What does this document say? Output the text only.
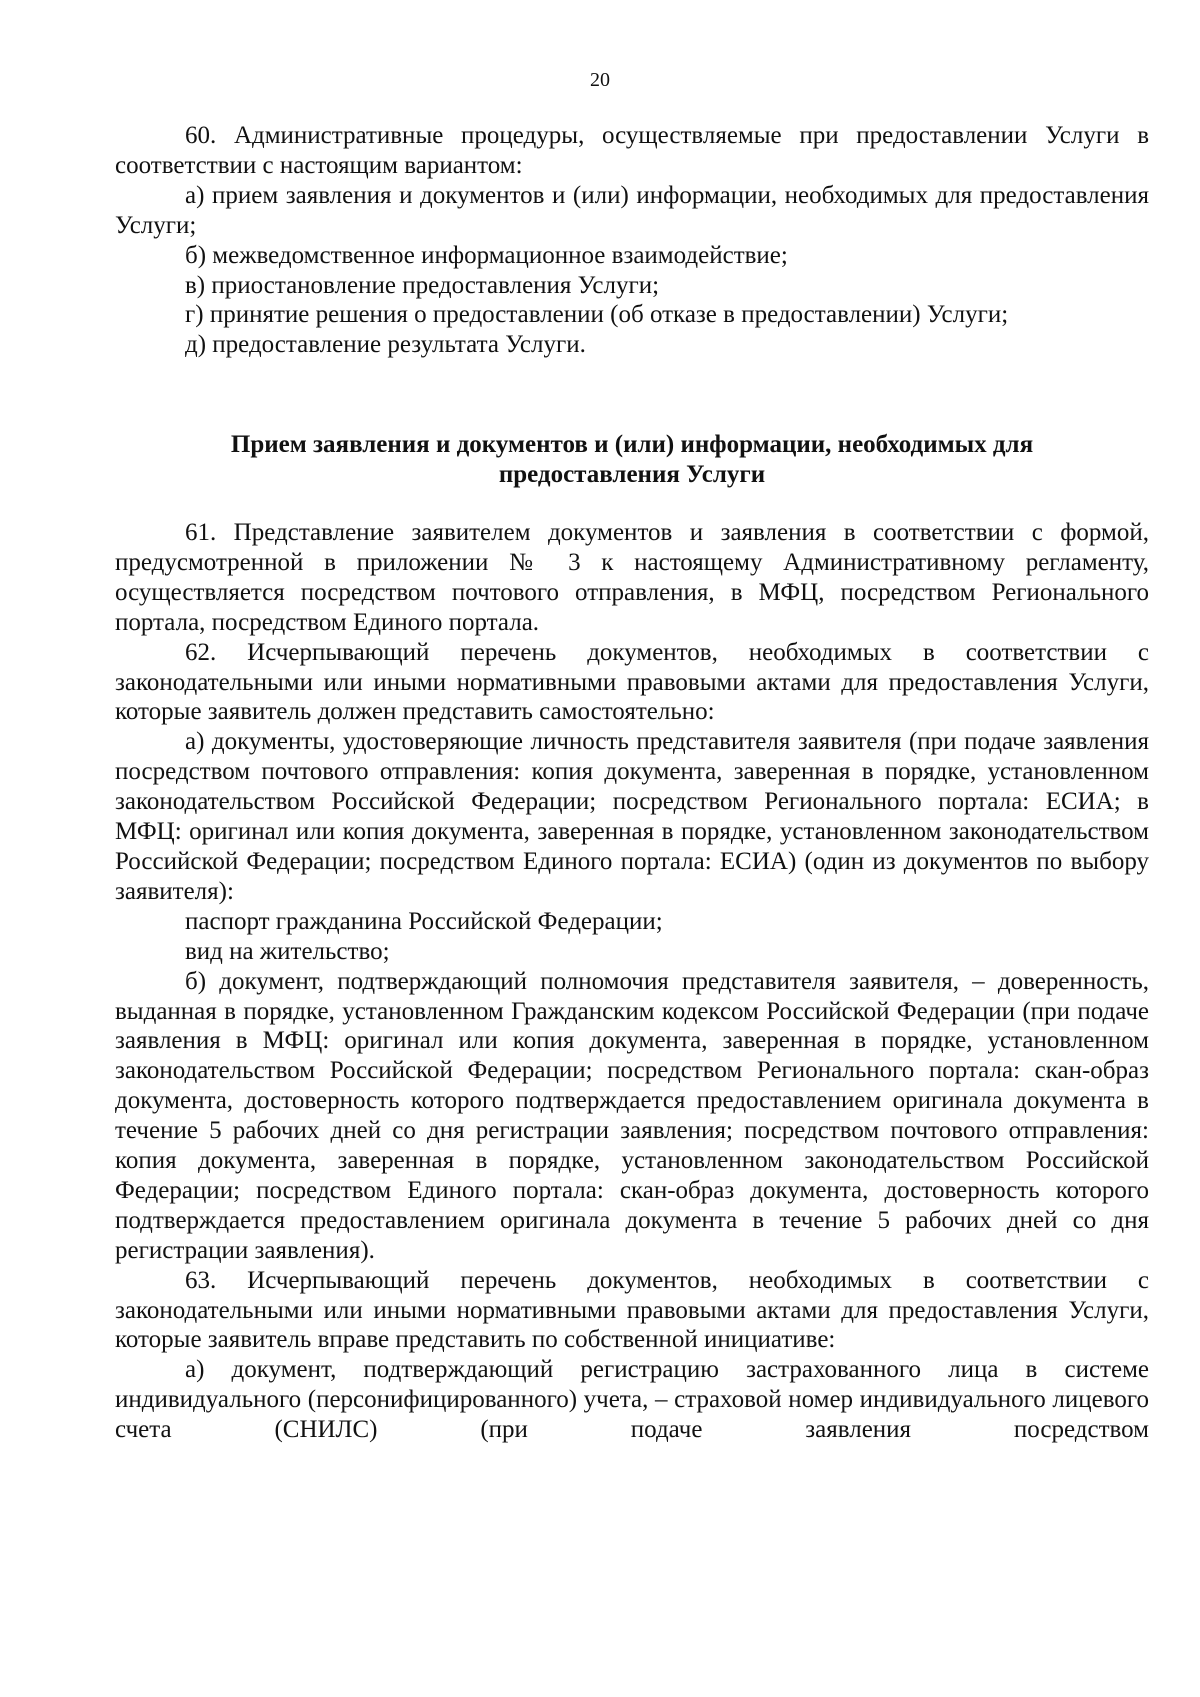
20

60. Административные процедуры, осуществляемые при предоставлении Услуги в соответствии с настоящим вариантом:

а) прием заявления и документов и (или) информации, необходимых для предоставления Услуги;

б) межведомственное информационное взаимодействие;

в) приостановление предоставления Услуги;

г) принятие решения о предоставлении (об отказе в предоставлении) Услуги;

д) предоставление результата Услуги.

Прием заявления и документов и (или) информации, необходимых для
предоставления Услуги

61. Представление заявителем документов и заявления в соответствии с формой, предусмотренной в приложении № 3 к настоящему Административному регламенту, осуществляется посредством почтового отправления, в МФЦ, посредством Регионального портала, посредством Единого портала.

62. Исчерпывающий перечень документов, необходимых в соответствии с законодательными или иными нормативными правовыми актами для предоставления Услуги, которые заявитель должен представить самостоятельно:

а) документы, удостоверяющие личность представителя заявителя (при подаче заявления посредством почтового отправления: копия документа, заверенная в порядке, установленном законодательством Российской Федерации; посредством Регионального портала: ЕСИА; в МФЦ: оригинал или копия документа, заверенная в порядке, установленном законодательством Российской Федерации; посредством Единого портала: ЕСИА) (один из документов по выбору заявителя):

паспорт гражданина Российской Федерации;

вид на жительство;

б) документ, подтверждающий полномочия представителя заявителя, – доверенность, выданная в порядке, установленном Гражданским кодексом Российской Федерации (при подаче заявления в МФЦ: оригинал или копия документа, заверенная в порядке, установленном законодательством Российской Федерации; посредством Регионального портала: скан-образ документа, достоверность которого подтверждается предоставлением оригинала документа в течение 5 рабочих дней со дня регистрации заявления; посредством почтового отправления: копия документа, заверенная в порядке, установленном законодательством Российской Федерации; посредством Единого портала: скан-образ документа, достоверность которого подтверждается предоставлением оригинала документа в течение 5 рабочих дней со дня регистрации заявления).

63. Исчерпывающий перечень документов, необходимых в соответствии с законодательными или иными нормативными правовыми актами для предоставления Услуги, которые заявитель вправе представить по собственной инициативе:

а) документ, подтверждающий регистрацию застрахованного лица в системе индивидуального (персонифицированного) учета, – страховой номер индивидуального лицевого счета (СНИЛС) (при подаче заявления посредством
